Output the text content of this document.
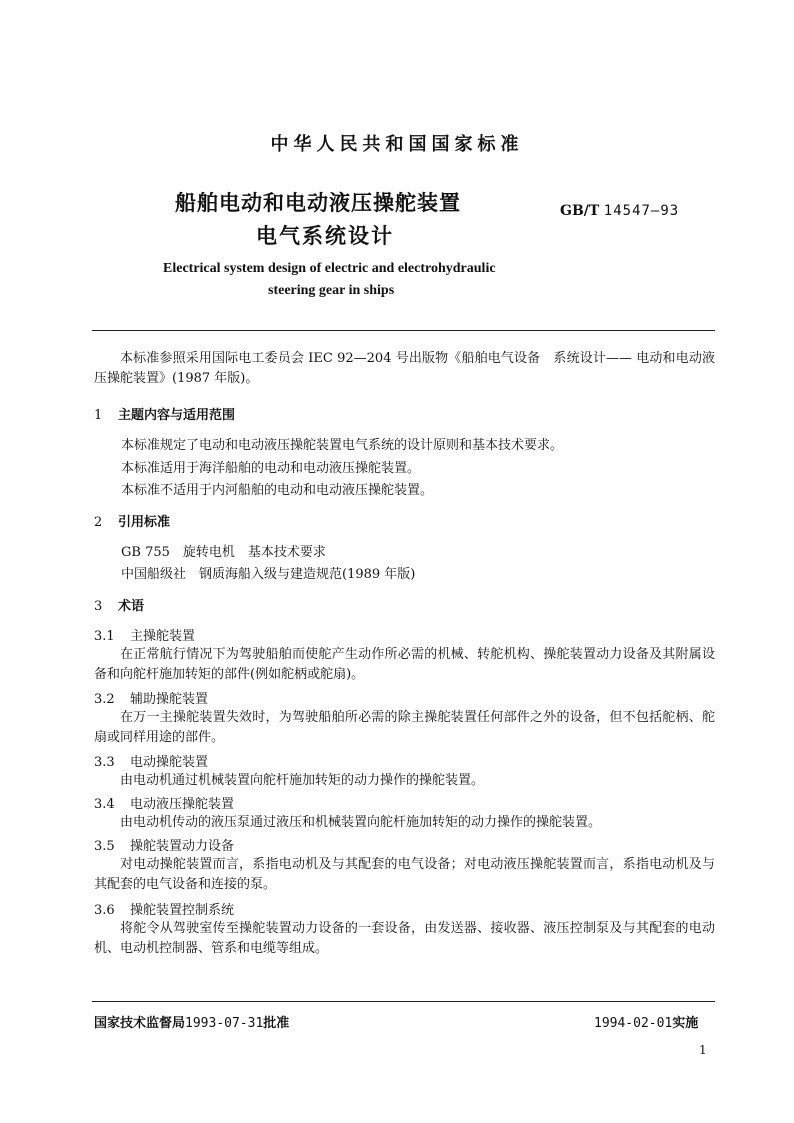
中华人民共和国国家标准
船舶电动和电动液压操舵装置
电气系统设计
GB/T 14547—93
Electrical system design of electric and electrohydraulic
steering gear in ships
本标准参照采用国际电工委员会 IEC 92—204 号出版物《船舶电气设备　系统设计—— 电动和电动液压操舵装置》(1987 年版)。
1 主题内容与适用范围
本标准规定了电动和电动液压操舵装置电气系统的设计原则和基本技术要求。
本标准适用于海洋船舶的电动和电动液压操舵装置。
本标准不适用于内河船舶的电动和电动液压操舵装置。
2 引用标准
GB 755　旋转电机　基本技术要求
中国船级社　钢质海船入级与建造规范(1989 年版)
3 术语
3.1 主操舵装置
在正常航行情况下为驾驶船舶而使舵产生动作所必需的机械、转舵机构、操舵装置动力设备及其附属设备和向舵杆施加转矩的部件(例如舵柄或舵扇)。
3.2 辅助操舵装置
在万一主操舵装置失效时，为驾驶船舶所必需的除主操舵装置任何部件之外的设备，但不包括舵柄、舵扇或同样用途的部件。
3.3 电动操舵装置
由电动机通过机械装置向舵杆施加转矩的动力操作的操舵装置。
3.4 电动液压操舵装置
由电动机传动的液压泵通过液压和机械装置向舵杆施加转矩的动力操作的操舵装置。
3.5 操舵装置动力设备
对电动操舵装置而言，系指电动机及与其配套的电气设备；对电动液压操舵装置而言，系指电动机及与其配套的电气设备和连接的泵。
3.6 操舵装置控制系统
将舵令从驾驶室传至操舵装置动力设备的一套设备，由发送器、接收器、液压控制泵及与其配套的电动机、电动机控制器、管系和电缆等组成。
国家技术监督局1993-07-31批准	1994-02-01实施
1
